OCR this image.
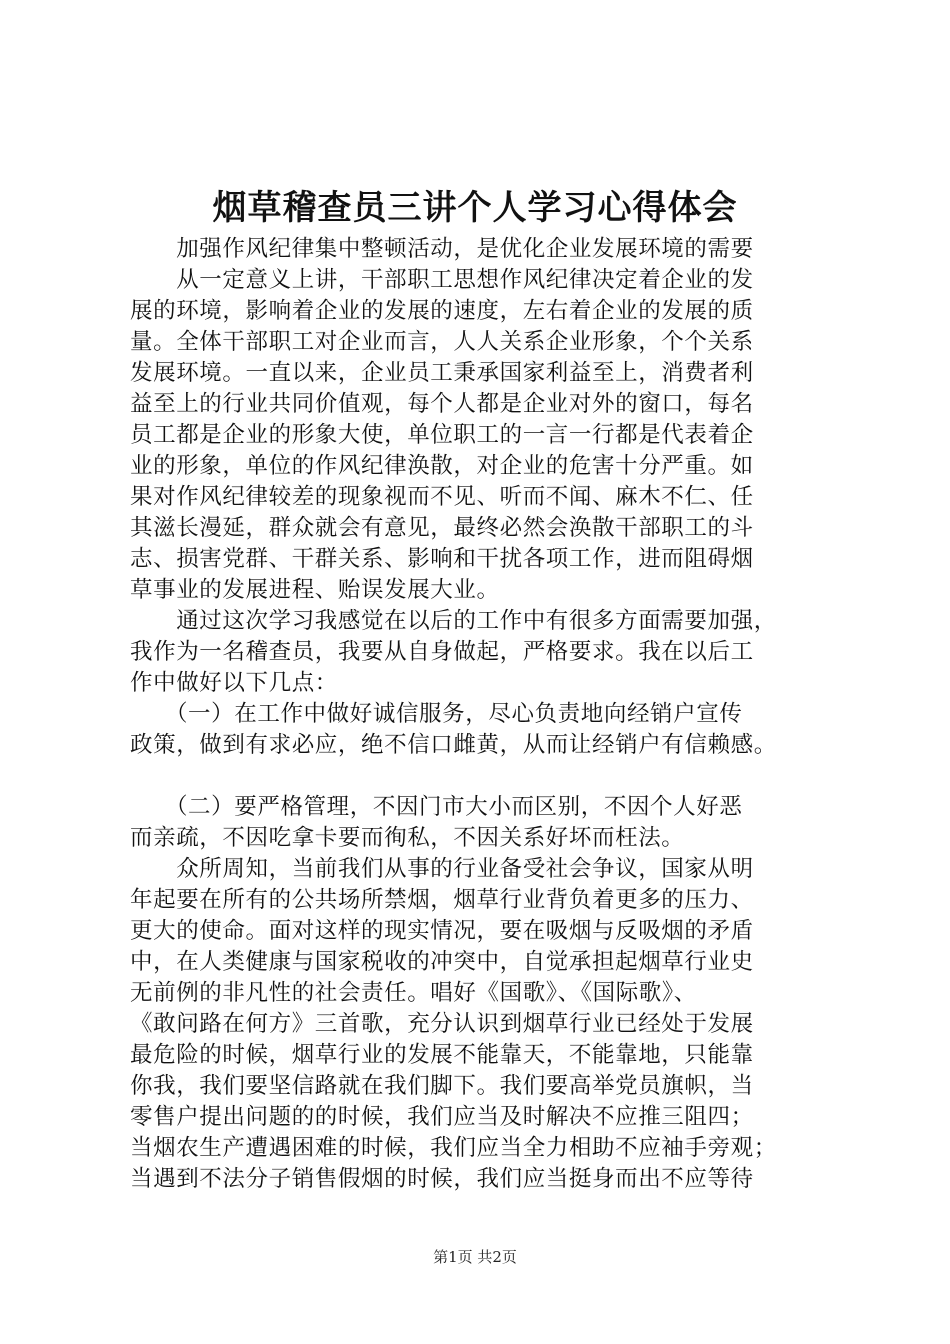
烟草稽查员三讲个人学习心得体会
　　加强作风纪律集中整顿活动，是优化企业发展环境的需要
　　从一定意义上讲，干部职工思想作风纪律决定着企业的发
展的环境，影响着企业的发展的速度，左右着企业的发展的质
量。全体干部职工对企业而言，人人关系企业形象，个个关系
发展环境。一直以来，企业员工秉承国家利益至上，消费者利
益至上的行业共同价值观，每个人都是企业对外的窗口，每名
员工都是企业的形象大使，单位职工的一言一行都是代表着企
业的形象，单位的作风纪律涣散，对企业的危害十分严重。如
果对作风纪律较差的现象视而不见、听而不闻、麻木不仁、任
其滋长漫延，群众就会有意见，最终必然会涣散干部职工的斗
志、损害党群、干群关系、影响和干扰各项工作，进而阻碍烟
草事业的发展进程、贻误发展大业。
　　通过这次学习我感觉在以后的工作中有很多方面需要加强，
我作为一名稽查员，我要从自身做起，严格要求。我在以后工
作中做好以下几点：
　　（一）在工作中做好诚信服务，尽心负责地向经销户宣传
政策，做到有求必应，绝不信口雌黄，从而让经销户有信赖感。
　　（二）要严格管理，不因门市大小而区别，不因个人好恶
而亲疏，不因吃拿卡要而徇私，不因关系好坏而枉法。
　　众所周知，当前我们从事的行业备受社会争议，国家从明
年起要在所有的公共场所禁烟，烟草行业背负着更多的压力、
更大的使命。面对这样的现实情况，要在吸烟与反吸烟的矛盾
中，在人类健康与国家税收的冲突中，自觉承担起烟草行业史
无前例的非凡性的社会责任。唱好《国歌》、《国际歌》、
《敢问路在何方》三首歌，充分认识到烟草行业已经处于发展
最危险的时候，烟草行业的发展不能靠天，不能靠地，只能靠
你我，我们要坚信路就在我们脚下。我们要高举党员旗帜，当
零售户提出问题的的时候，我们应当及时解决不应推三阻四；
当烟农生产遭遇困难的时候，我们应当全力相助不应袖手旁观；
当遇到不法分子销售假烟的时候，我们应当挺身而出不应等待
第1页 共2页
